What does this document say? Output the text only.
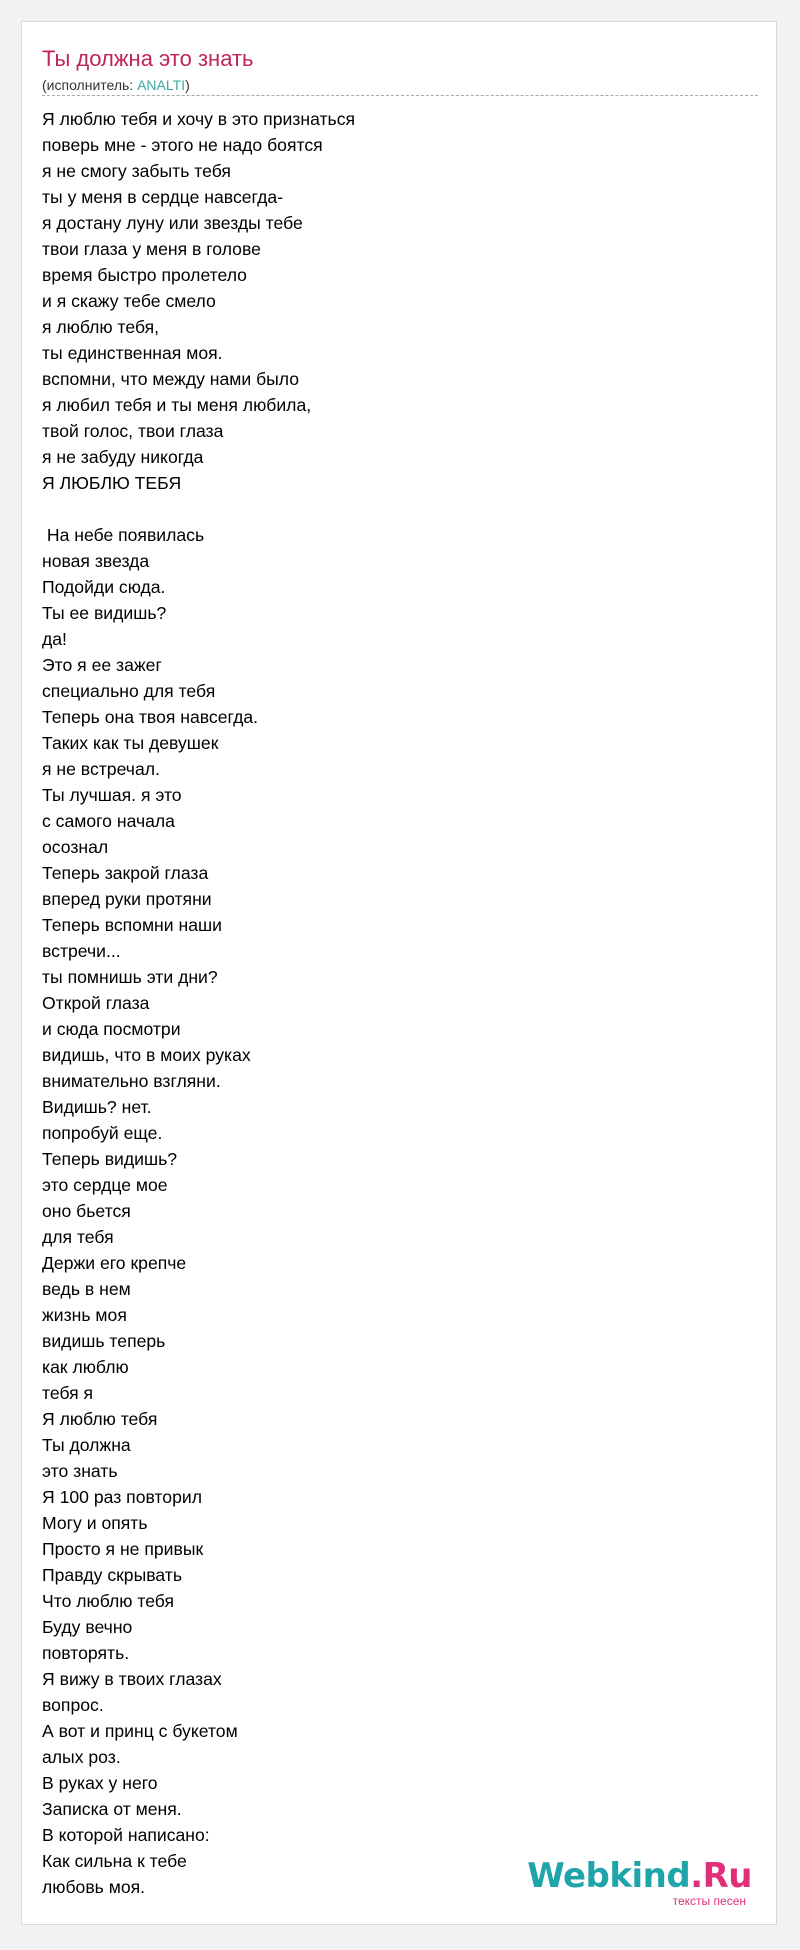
Ты должна это знать
(исполнитель: ANALTI)
Я люблю тебя и хочу в это признаться
поверь мне - этого не надо боятся
я не смогу забыть тебя
ты у меня в сердце навсегда-
я достану луну или звезды тебе
твои глаза у меня в голове
время быстро пролетело
и я скажу тебе смело
я люблю тебя,
ты единственная моя.
вспомни, что между нами было
я любил тебя и ты меня любила,
твой голос, твои глаза
я не забуду никогда
Я ЛЮБЛЮ ТЕБЯ
На небе появилась
новая звезда
Подойди сюда.
Ты ее видишь?
да!
Это я ее зажег
специально для тебя
Теперь она твоя навсегда.
Таких как ты девушек
я не встречал.
Ты лучшая. я это
с самого начала
осознал
Теперь закрой глаза
вперед руки протяни
Теперь вспомни наши
встречи...
ты помнишь эти дни?
Открой глаза
и сюда посмотри
видишь, что в моих руках
внимательно взгляни.
Видишь? нет.
попробуй еще.
Теперь видишь?
это сердце мое
оно бьется
для тебя
Держи его крепче
ведь в нем
жизнь моя
видишь теперь
как люблю
тебя я
Я люблю тебя
Ты должна
это знать
Я 100 раз повторил
Могу и опять
Просто я не привык
Правду скрывать
Что люблю тебя
Буду вечно
повторять.
Я вижу в твоих глазах
вопрос.
А вот и принц с букетом
алых роз.
В руках у него
Записка от меня.
В которой написано:
Как сильна к тебе
любовь моя.	Webkind.Ru
тексты песен
